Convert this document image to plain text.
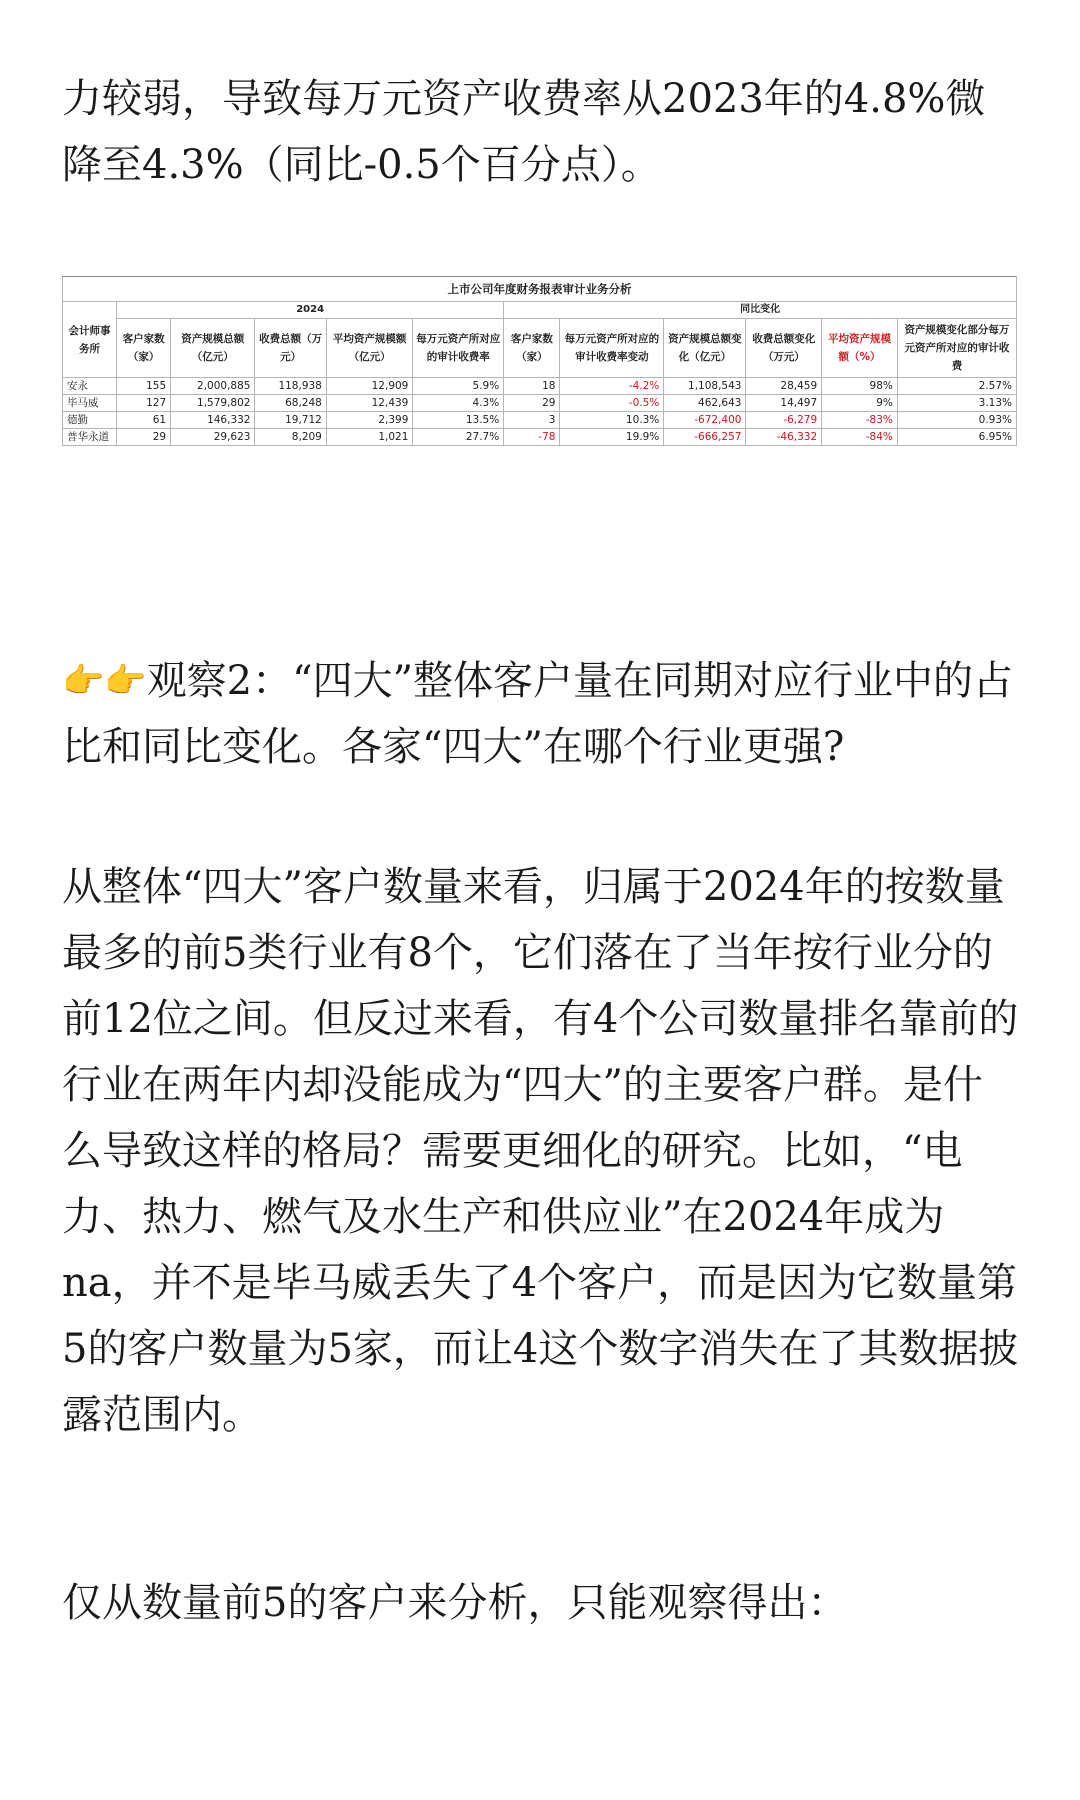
力较弱，导致每万元资产收费率从2023年的4.8%微降至4.3%（同比-0.5个百分点）。

上市公司年度财务报表审计业务分析											
会计师事务所	2024					同比变化					
	客户家数（家）	资产规模总额（亿元）	收费总额（万元）	平均资产规模额（亿元）	每万元资产所对应的审计收费率	客户家数（家）	每万元资产所对应的审计收费率变动	资产规模总额变化（亿元）	收费总额变化（万元）	平均资产规模额（%）	资产规模变化部分每万元资产所对应的审计收费
安永	155	2,000,885	118,938	12,909	5.9%	18	-4.2%	1,108,543	28,459	98%	2.57%
毕马威	127	1,579,802	68,248	12,439	4.3%	29	-0.5%	462,643	14,497	9%	3.13%
德勤	61	146,332	19,712	2,399	13.5%	3	10.3%	-672,400	-6,279	-83%	0.93%
普华永道	29	29,623	8,209	1,021	27.7%	-78	19.9%	-666,257	-46,332	-84%	6.95%

👉👉观察2：“四大”整体客户量在同期对应行业中的占比和同比变化。各家“四大”在哪个行业更强?

从整体“四大”客户数量来看，归属于2024年的按数量最多的前5类行业有8个，它们落在了当年按行业分的前12位之间。但反过来看，有4个公司数量排名靠前的行业在两年内却没能成为“四大”的主要客户群。是什么导致这样的格局？需要更细化的研究。比如，“电力、热力、燃气及水生产和供应业”在2024年成为na，并不是毕马威丢失了4个客户，而是因为它数量第5的客户数量为5家，而让4这个数字消失在了其数据披露范围内。

仅从数量前5的客户来分析，只能观察得出：
